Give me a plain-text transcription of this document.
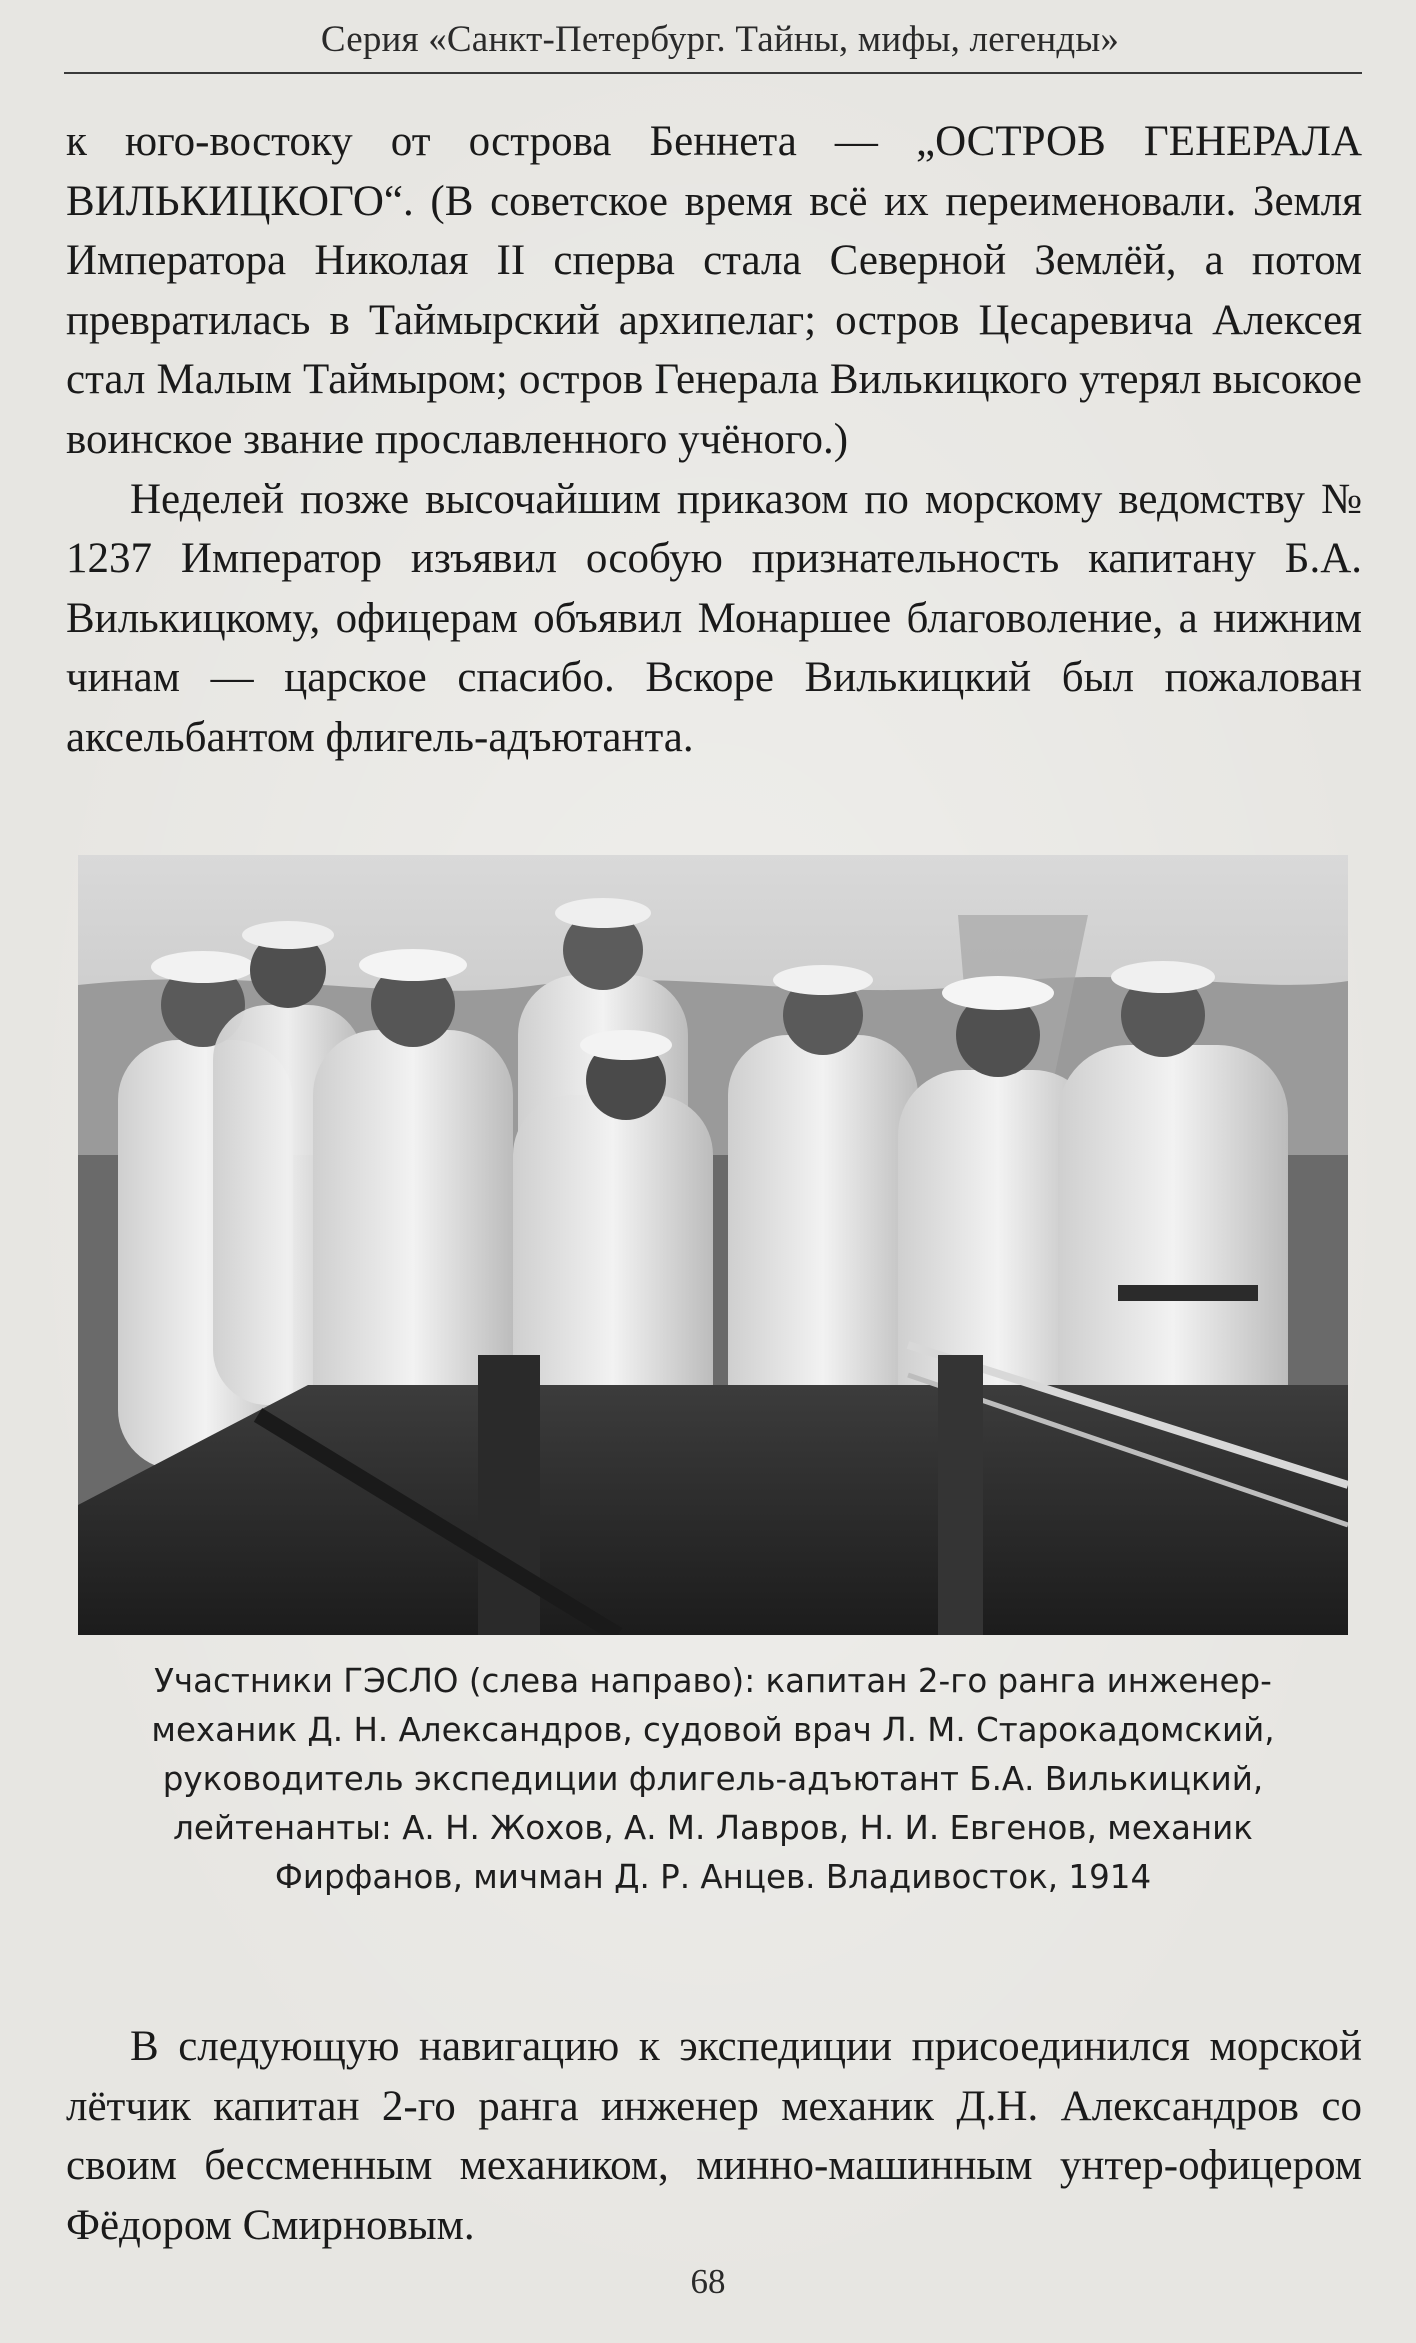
Серия «Санкт-Петербург. Тайны, мифы, легенды»

к юго-востоку от острова Беннета — „ОСТРОВ ГЕНЕРАЛА ВИЛЬКИЦКОГО“. (В советское время всё их переименовали. Земля Императора Николая II сперва стала Северной Землёй, а потом превратилась в Таймырский архипелаг; остров Цесаревича Алексея стал Малым Таймыром; остров Генерала Вилькицкого утерял высокое воинское звание прославленного учёного.)

Неделей позже высочайшим приказом по морскому ведомству № 1237 Император изъявил особую признательность капитану Б.А. Вилькицкому, офицерам объявил Монаршее благоволение, а нижним чинам — царское спасибо. Вскоре Вилькицкий был пожалован аксельбантом флигель-адъютанта.

Участники ГЭСЛО (слева направо): капитан 2-го ранга инженер-
механик Д. Н. Александров, судовой врач Л. М. Старокадомский,
руководитель экспедиции флигель-адъютант Б.А. Вилькицкий,
лейтенанты: А. Н. Жохов, А. М. Лавров, Н. И. Евгенов, механик
Фирфанов, мичман Д. Р. Анцев. Владивосток, 1914

В следующую навигацию к экспедиции присоединился морской лётчик капитан 2-го ранга инженер механик Д.Н. Александров со своим бессменным механиком, минно-машинным унтер-офицером Фёдором Смирновым.

68
